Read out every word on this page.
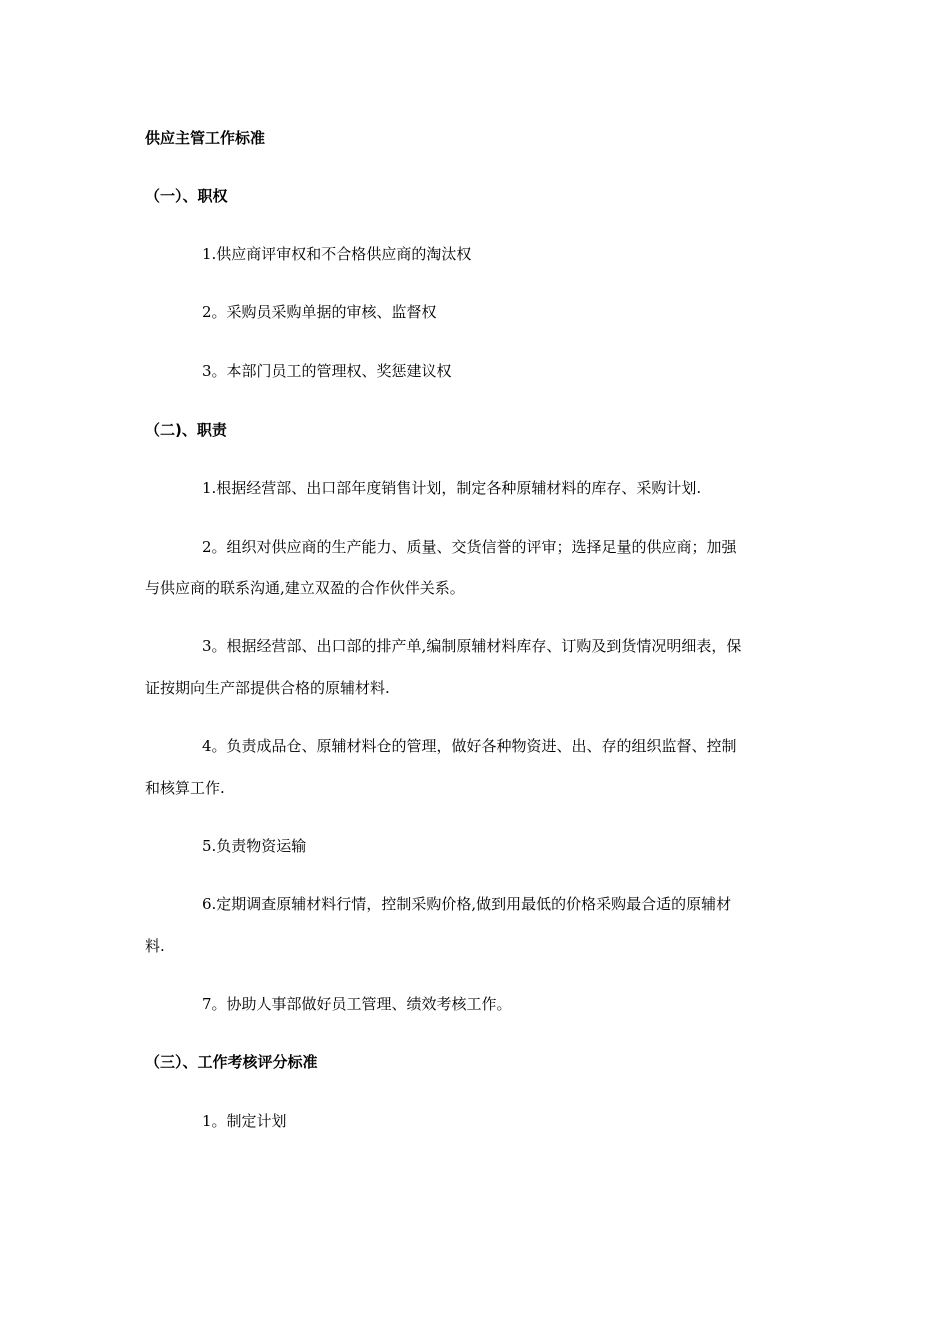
供应主管工作标准
（一）、职权
1.供应商评审权和不合格供应商的淘汰权
2。采购员采购单据的审核、监督权
3。本部门员工的管理权、奖惩建议权
（二)、职责
1.根据经营部、出口部年度销售计划，制定各种原辅材料的库存、采购计划.
2。组织对供应商的生产能力、质量、交货信誉的评审；选择足量的供应商；加强
与供应商的联系沟通,建立双盈的合作伙伴关系。
3。根据经营部、出口部的排产单,编制原辅材料库存、订购及到货情况明细表，保
证按期向生产部提供合格的原辅材料.
4。负责成品仓、原辅材料仓的管理，做好各种物资进、出、存的组织监督、控制
和核算工作.
5.负责物资运输
6.定期调查原辅材料行情，控制采购价格,做到用最低的价格采购最合适的原辅材
料.
7。协助人事部做好员工管理、绩效考核工作。
（三）、工作考核评分标准
1。制定计划
